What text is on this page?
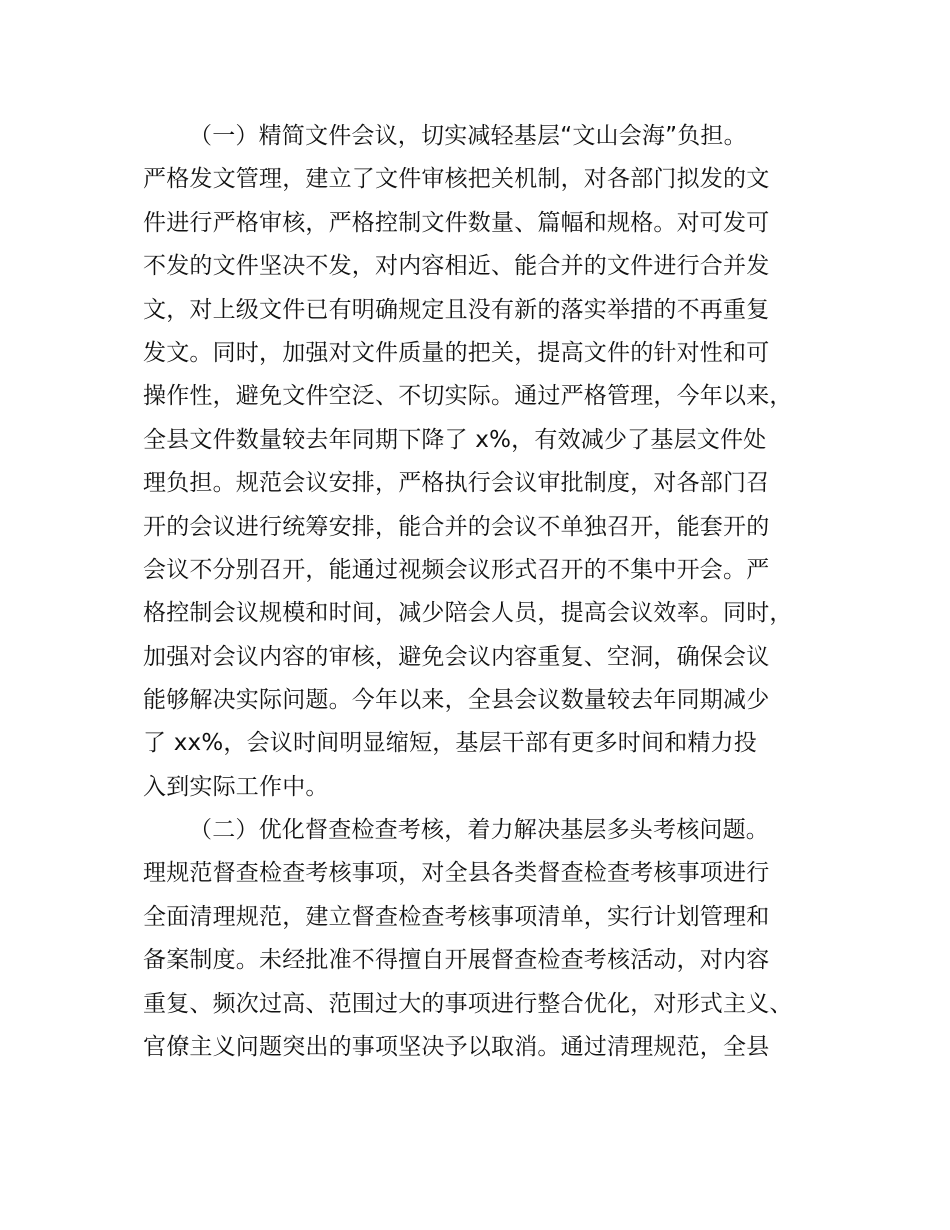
（一）精简文件会议，切实减轻基层“文山会海”负担。
严格发文管理，建立了文件审核把关机制，对各部门拟发的文
件进行严格审核，严格控制文件数量、篇幅和规格。对可发可
不发的文件坚决不发，对内容相近、能合并的文件进行合并发
文，对上级文件已有明确规定且没有新的落实举措的不再重复
发文。同时，加强对文件质量的把关，提高文件的针对性和可
操作性，避免文件空泛、不切实际。通过严格管理，今年以来，
全县文件数量较去年同期下降了 x%，有效减少了基层文件处
理负担。规范会议安排，严格执行会议审批制度，对各部门召
开的会议进行统筹安排，能合并的会议不单独召开，能套开的
会议不分别召开，能通过视频会议形式召开的不集中开会。严
格控制会议规模和时间，减少陪会人员，提高会议效率。同时，
加强对会议内容的审核，避免会议内容重复、空洞，确保会议
能够解决实际问题。今年以来，全县会议数量较去年同期减少
了 xx%，会议时间明显缩短，基层干部有更多时间和精力投
入到实际工作中。
（二）优化督查检查考核，着力解决基层多头考核问题。
理规范督查检查考核事项，对全县各类督查检查考核事项进行
全面清理规范，建立督查检查考核事项清单，实行计划管理和
备案制度。未经批准不得擅自开展督查检查考核活动，对内容
重复、频次过高、范围过大的事项进行整合优化，对形式主义、
官僚主义问题突出的事项坚决予以取消。通过清理规范，全县
